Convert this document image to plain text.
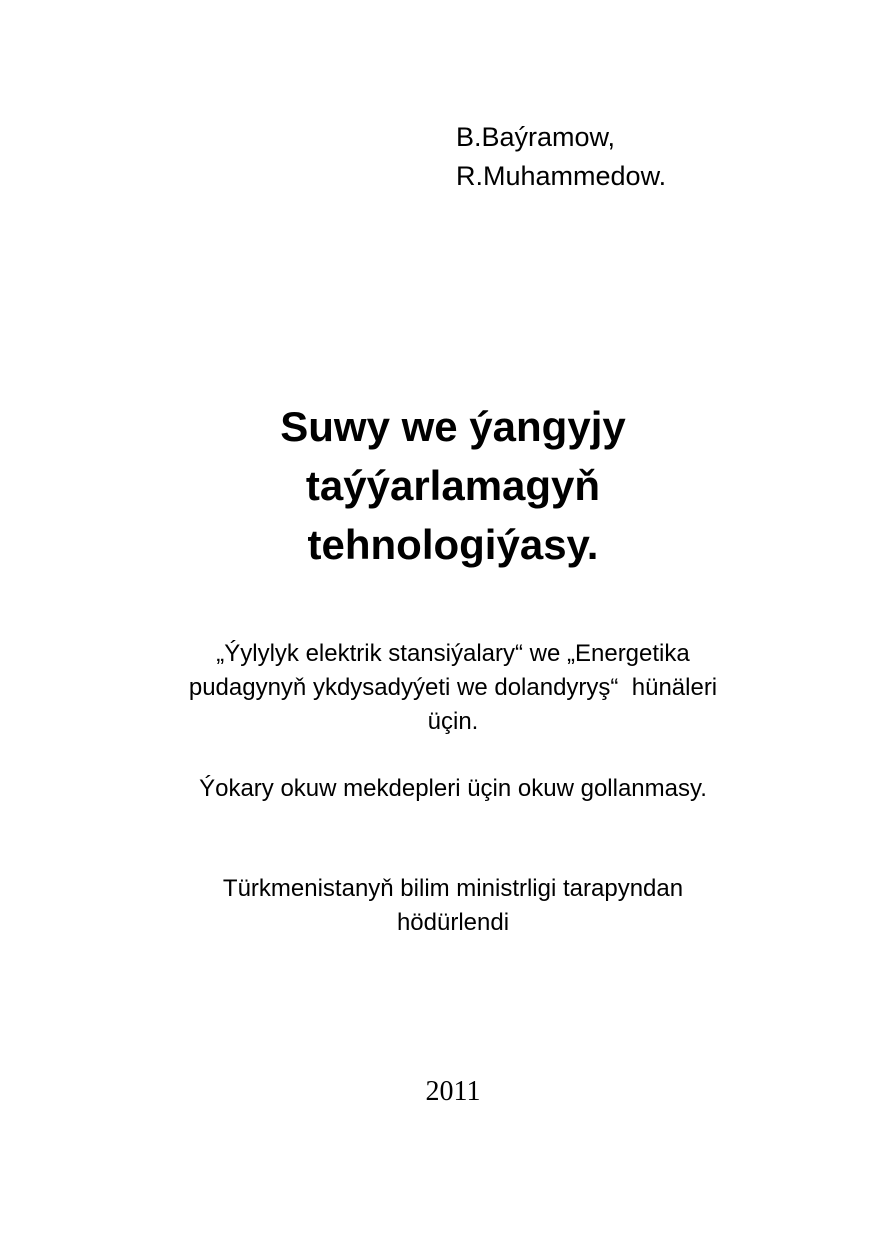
B.Baýramow,
R.Muhammedow.
Suwy we ýangyjy
taýýarlamagyň
tehnologiýasy.
„Ýylylyk elektrik stansiýalary“ we „Energetika
pudagynyň ykdysadyýeti we dolandyryş“  hünäleri
üçin.
Ýokary okuw mekdepleri üçin okuw gollanmasy.
Türkmenistanyň bilim ministrligi tarapyndan
hödürlendi
2011
